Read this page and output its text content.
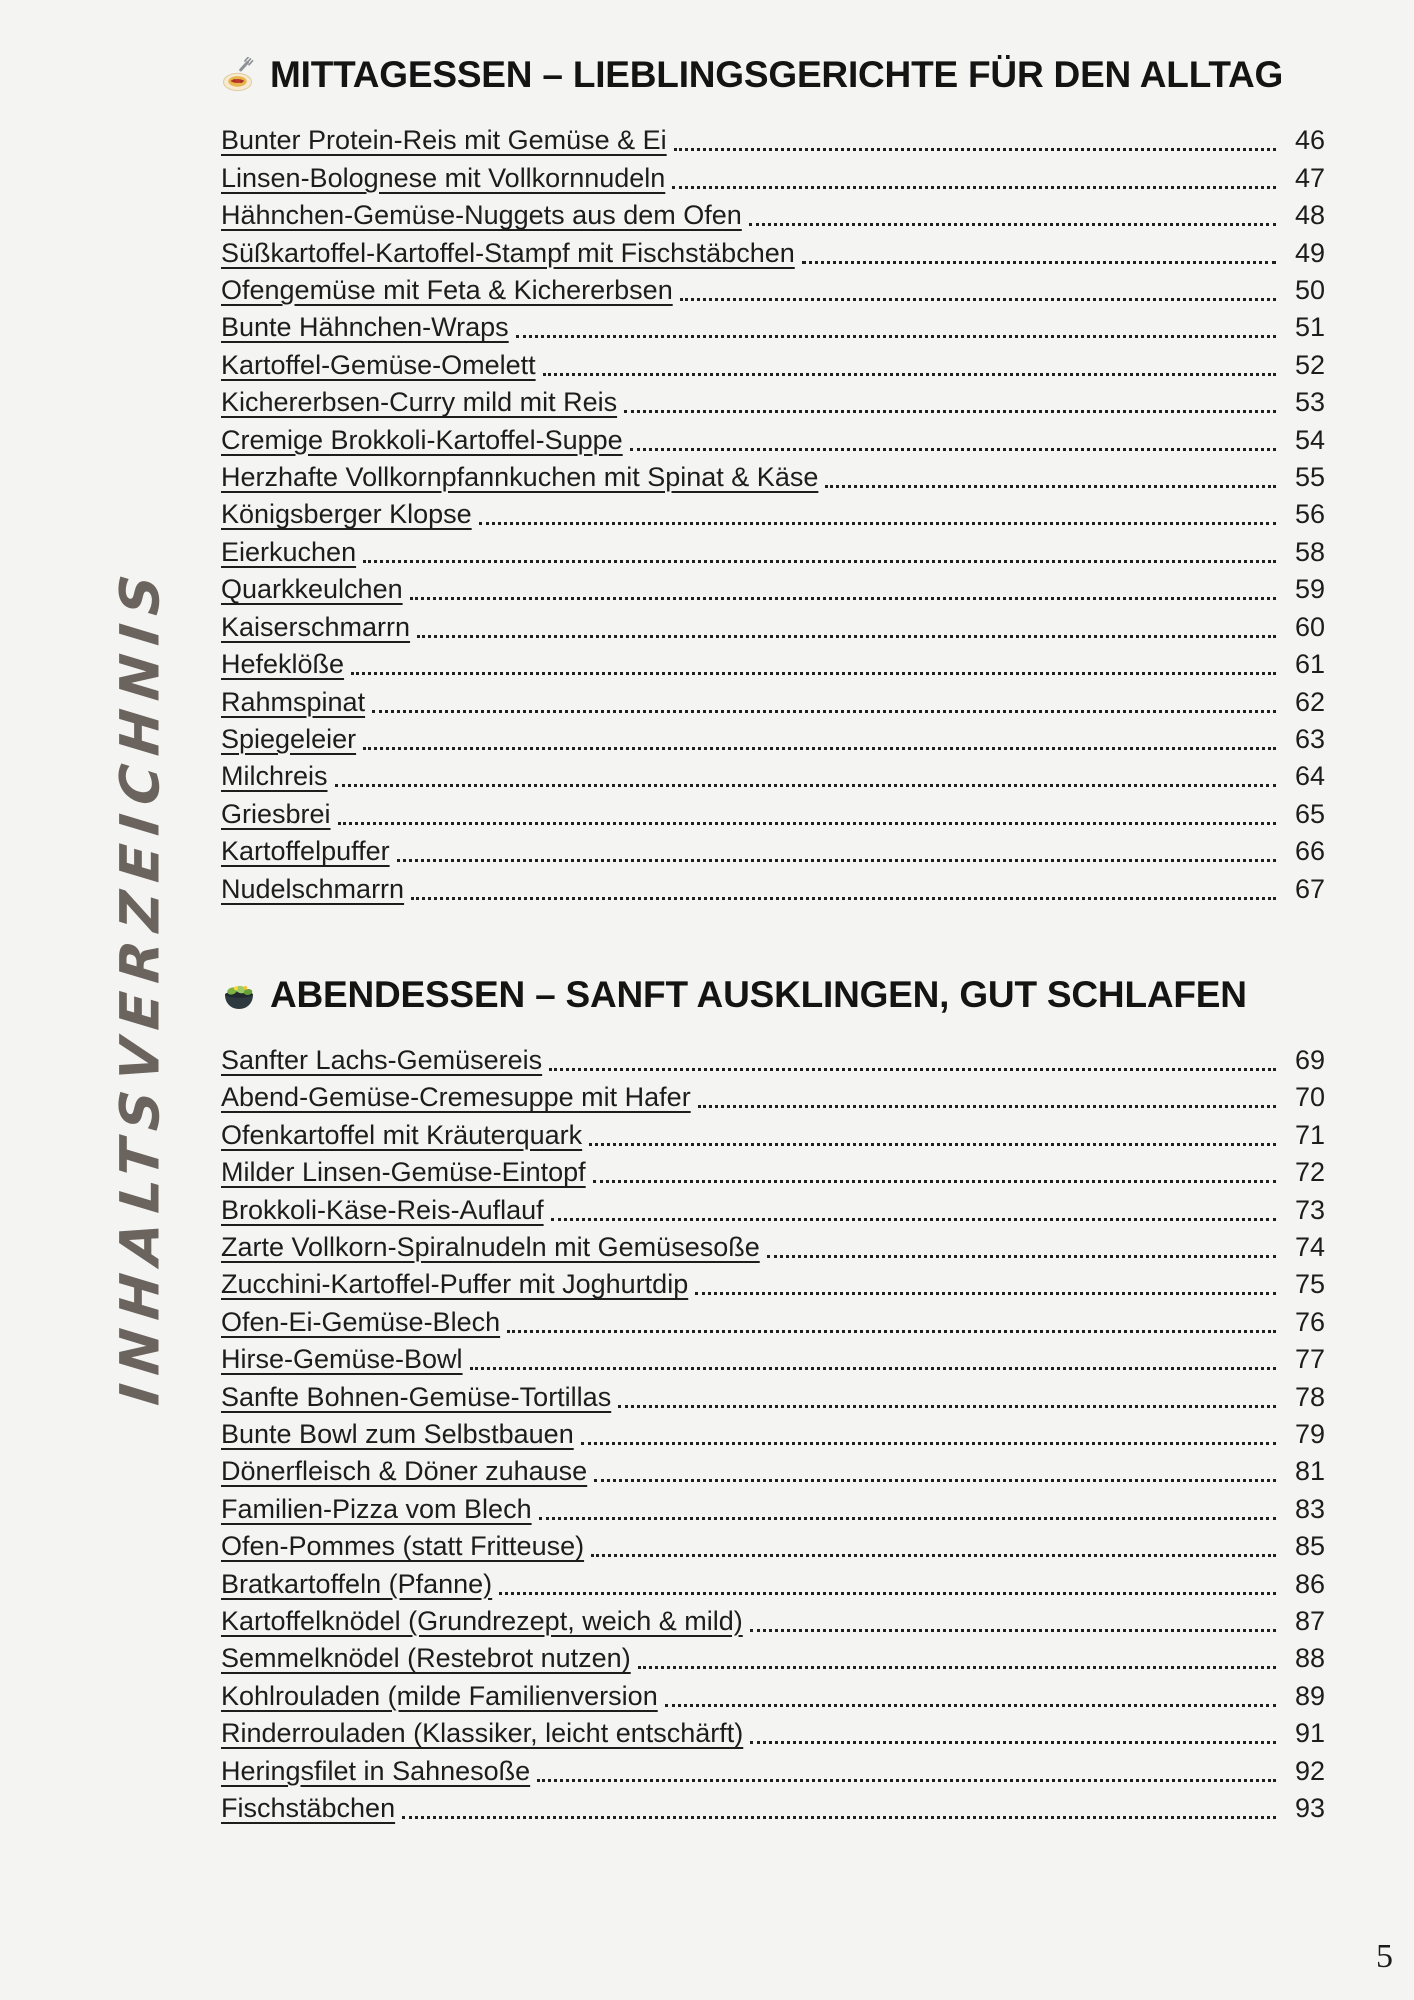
INHALTSVERZEICHNIS
MITTAGESSEN – LIEBLINGSGERICHTE FÜR DEN ALLTAG
Bunter Protein-Reis mit Gemüse & Ei	46
Linsen-Bolognese mit Vollkornnudeln	47
Hähnchen-Gemüse-Nuggets aus dem Ofen	48
Süßkartoffel-Kartoffel-Stampf mit Fischstäbchen	49
Ofengemüse mit Feta & Kichererbsen	50
Bunte Hähnchen-Wraps	51
Kartoffel-Gemüse-Omelett	52
Kichererbsen-Curry mild mit Reis	53
Cremige Brokkoli-Kartoffel-Suppe	54
Herzhafte Vollkornpfannkuchen mit Spinat & Käse	55
Königsberger Klopse	56
Eierkuchen	58
Quarkkeulchen	59
Kaiserschmarrn	60
Hefeklöße	61
Rahmspinat	62
Spiegeleier	63
Milchreis	64
Griesbrei	65
Kartoffelpuffer	66
Nudelschmarrn	67
ABENDESSEN – SANFT AUSKLINGEN, GUT SCHLAFEN
Sanfter Lachs-Gemüsereis	69
Abend-Gemüse-Cremesuppe mit Hafer	70
Ofenkartoffel mit Kräuterquark	71
Milder Linsen-Gemüse-Eintopf	72
Brokkoli-Käse-Reis-Auflauf	73
Zarte Vollkorn-Spiralnudeln mit Gemüsesoße	74
Zucchini-Kartoffel-Puffer mit Joghurtdip	75
Ofen-Ei-Gemüse-Blech	76
Hirse-Gemüse-Bowl	77
Sanfte Bohnen-Gemüse-Tortillas	78
Bunte Bowl zum Selbstbauen	79
Dönerfleisch & Döner zuhause	81
Familien-Pizza vom Blech	83
Ofen-Pommes (statt Fritteuse)	85
Bratkartoffeln (Pfanne)	86
Kartoffelknödel (Grundrezept, weich & mild)	87
Semmelknödel (Restebrot nutzen)	88
Kohlrouladen (milde Familienversion	89
Rinderrouladen (Klassiker, leicht entschärft)	91
Heringsfilet in Sahnesoße	92
Fischstäbchen	93
5
